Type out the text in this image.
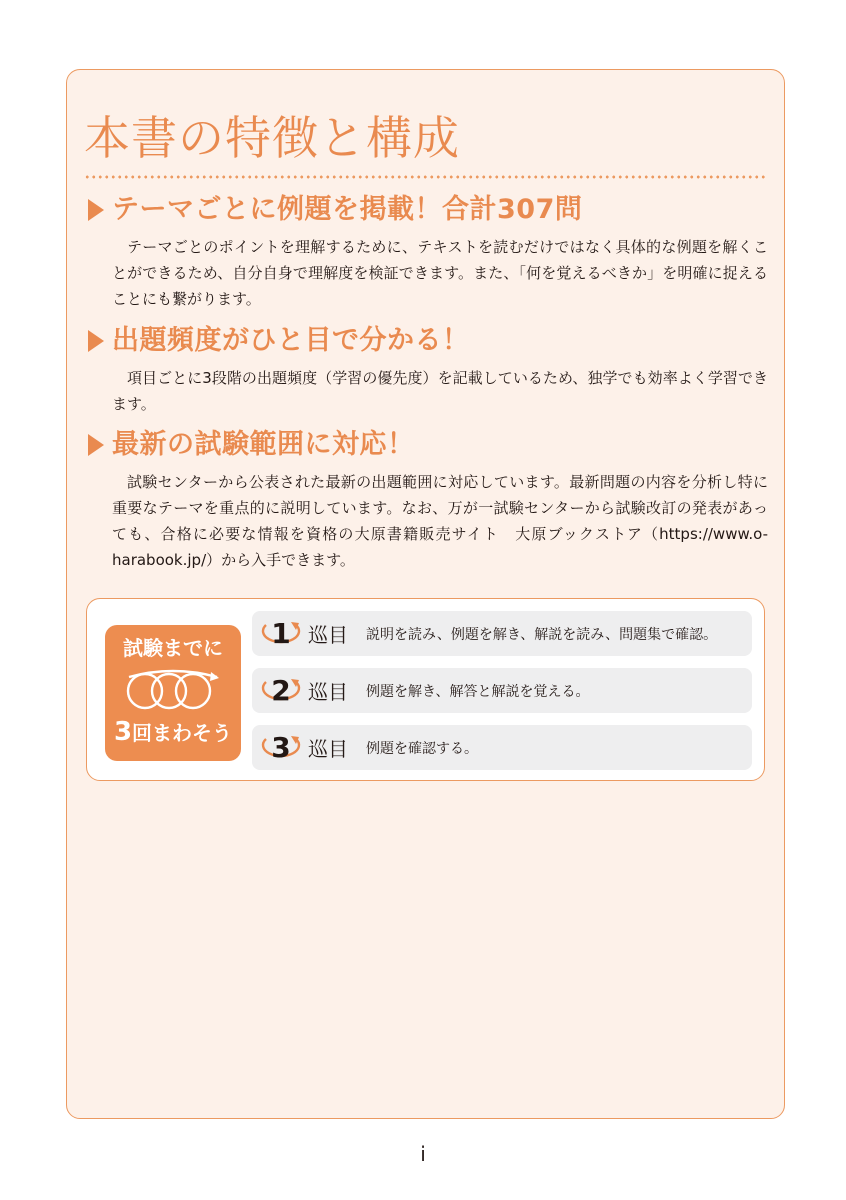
本書の特徴と構成
テーマごとに例題を掲載！合計307問

テーマごとのポイントを理解するために、テキストを読むだけではなく具体的な例題を解くことができるため、自分自身で理解度を検証できます。また、「何を覚えるべきか」を明確に捉えることにも繋がります。

出題頻度がひと目で分かる！

項目ごとに3段階の出題頻度（学習の優先度）を記載しているため、独学でも効率よく学習できます。

最新の試験範囲に対応！

試験センターから公表された最新の出題範囲に対応しています。最新問題の内容を分析し特に重要なテーマを重点的に説明しています。なお、万が一試験センターから試験改訂の発表があっても、合格に必要な情報を資格の大原書籍販売サイト　大原ブックストア（https://www.o-harabook.jp/）から入手できます。

試験までに
3回まわそう
1 巡目 説明を読み、例題を解き、解説を読み、問題集で確認。
2 巡目 例題を解き、解答と解説を覚える。
3 巡目 例題を確認する。
i
